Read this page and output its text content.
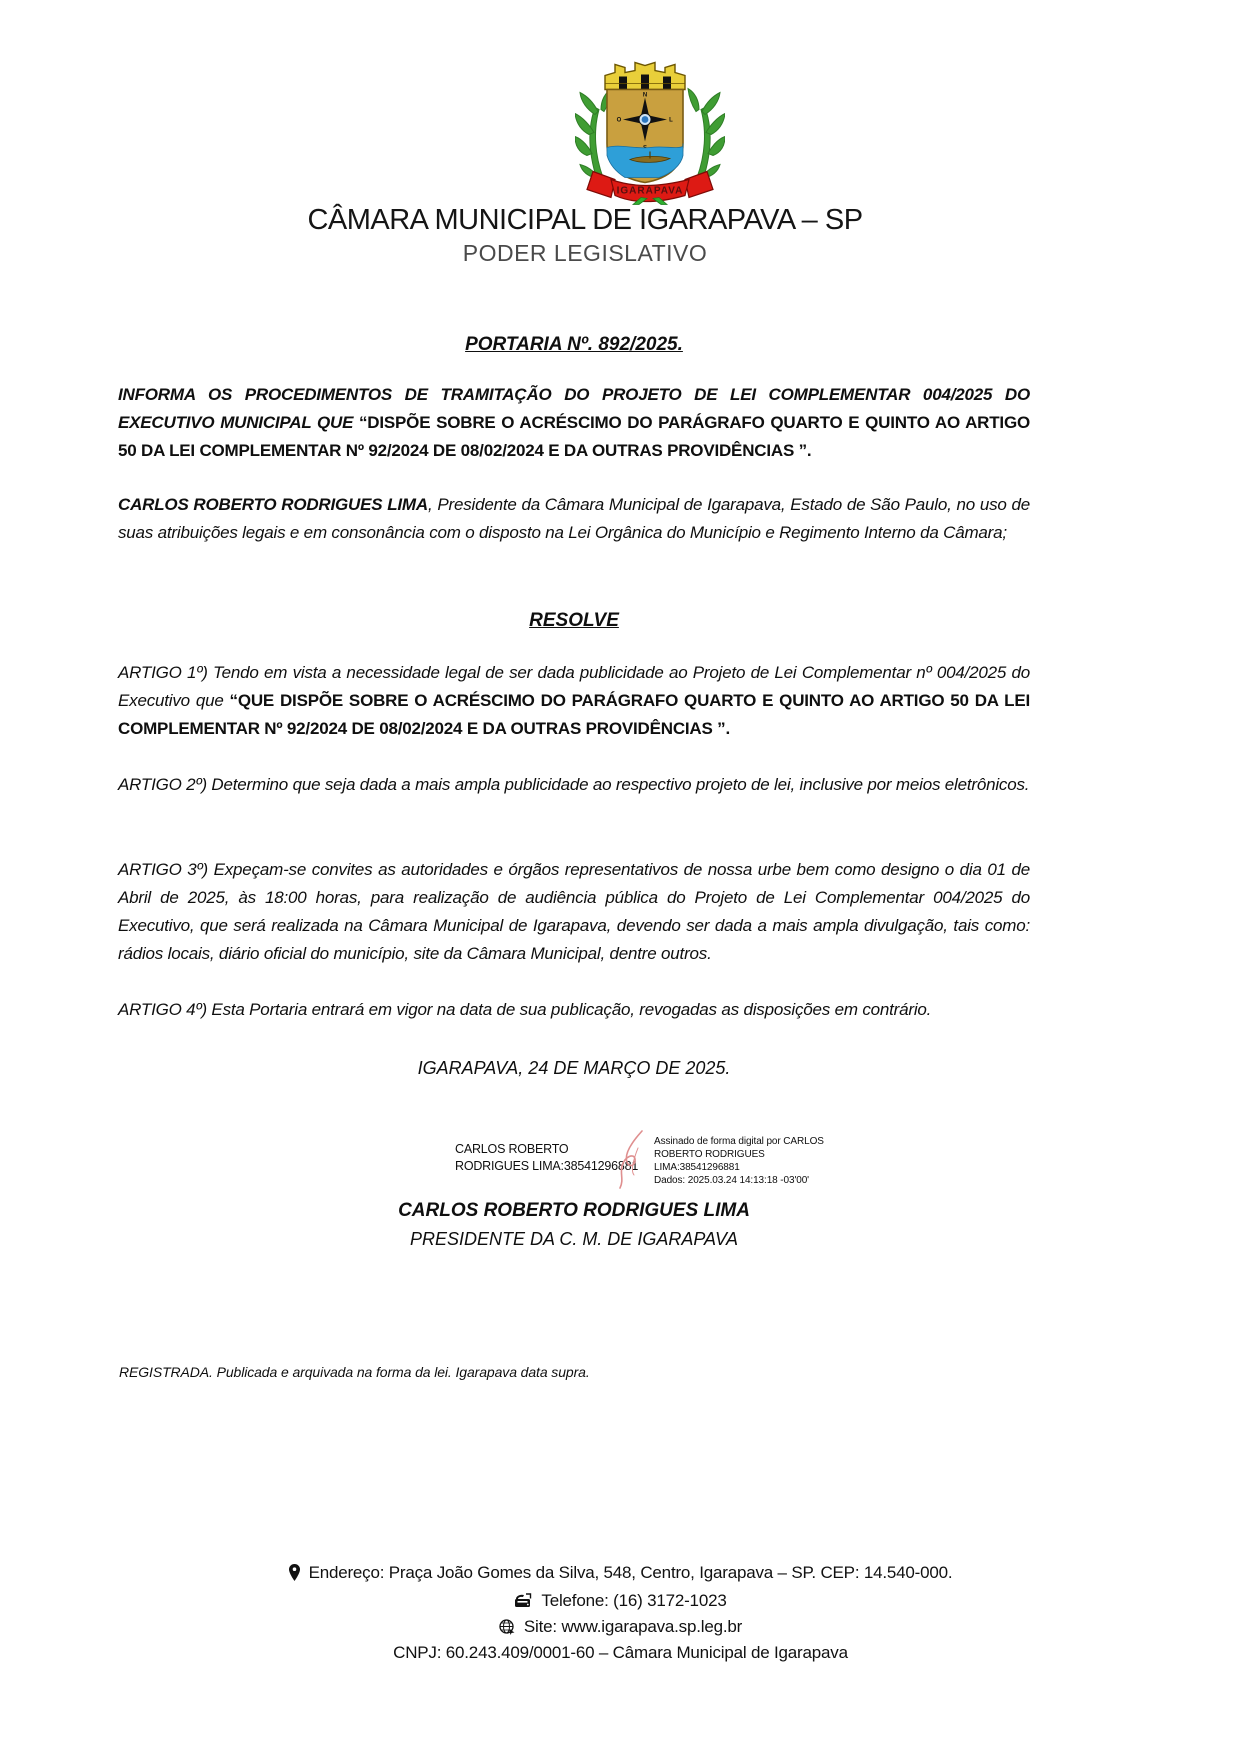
N
O	L
IGARAPAVA
CÂMARA MUNICIPAL DE IGARAPAVA – SP
PODER LEGISLATIVO
PORTARIA Nº. 892/2025.

INFORMA OS PROCEDIMENTOS DE TRAMITAÇÃO DO PROJETO DE LEI COMPLEMENTAR 004/2025 DO EXECUTIVO MUNICIPAL QUE “DISPÕE SOBRE O ACRÉSCIMO DO PARÁGRAFO QUARTO E QUINTO AO ARTIGO 50 DA LEI COMPLEMENTAR Nº 92/2024 DE 08/02/2024 E DA OUTRAS PROVIDÊNCIAS ”.

CARLOS ROBERTO RODRIGUES LIMA, Presidente da Câmara Municipal de Igarapava, Estado de São Paulo, no uso de suas atribuições legais e em consonância com o disposto na Lei Orgânica do Município e Regimento Interno da Câmara;

RESOLVE

ARTIGO 1º) Tendo em vista a necessidade legal de ser dada publicidade ao Projeto de Lei Complementar nº 004/2025 do Executivo que “QUE DISPÕE SOBRE O ACRÉSCIMO DO PARÁGRAFO QUARTO E QUINTO AO ARTIGO 50 DA LEI COMPLEMENTAR Nº 92/2024 DE 08/02/2024 E DA OUTRAS PROVIDÊNCIAS ”.

ARTIGO 2º) Determino que seja dada a mais ampla publicidade ao respectivo projeto de lei, inclusive por meios eletrônicos.

ARTIGO 3º) Expeçam-se convites as autoridades e órgãos representativos de nossa urbe bem como designo o dia 01 de Abril de 2025, às 18:00 horas, para realização de audiência pública do Projeto de Lei Complementar 004/2025 do Executivo, que será realizada na Câmara Municipal de Igarapava, devendo ser dada a mais ampla divulgação, tais como: rádios locais, diário oficial do município, site da Câmara Municipal, dentre outros.

ARTIGO 4º) Esta Portaria entrará em vigor na data de sua publicação, revogadas as disposições em contrário.

IGARAPAVA, 24 DE MARÇO DE 2025.
CARLOS ROBERTO RODRIGUES LIMA:38541296881
Assinado de forma digital por CARLOS ROBERTO RODRIGUES LIMA:38541296881
Dados: 2025.03.24 14:13:18 -03'00'
CARLOS ROBERTO RODRIGUES LIMA
PRESIDENTE DA C. M. DE IGARAPAVA
REGISTRADA. Publicada e arquivada na forma da lei. Igarapava data supra.
Endereço: Praça João Gomes da Silva, 548, Centro, Igarapava – SP. CEP: 14.540-000.
Telefone: (16) 3172-1023
Site: www.igarapava.sp.leg.br
CNPJ: 60.243.409/0001-60 – Câmara Municipal de Igarapava
